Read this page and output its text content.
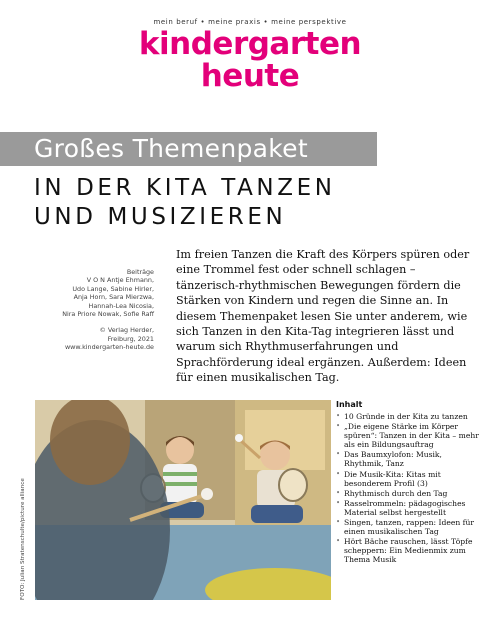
mein beruf • meine praxis • meine perspektive
kindergarten
heute
Großes Themenpaket
IN DER KITA TANZEN
UND MUSIZIEREN
Beiträge
V O N Antje Ehmann,
Udo Lange, Sabine Hirler,
Anja Horn, Sara Mierzwa,
Hannah-Lea Nicosia,
Nira Priore Nowak, Sofie Raff
© Verlag Herder,
Freiburg, 2021
www.kindergarten-heute.de

Im freien Tanzen die Kraft des Körpers spüren oder eine Trommel fest oder schnell schlagen – tänzerisch-rhythmischen Bewegungen fördern die Stärken von Kindern und regen die Sinne an. In diesem Themenpaket lesen Sie unter anderem, wie sich Tanzen in den Kita-Tag integrieren lässt und warum sich Rhythmuserfahrungen und Sprachförderung ideal ergänzen. Außerdem: Ideen für einen musikalischen Tag.

FOTO: Julian Stratenschulte/picture alliance
Inhalt
• 10 Gründe in der Kita zu tanzen
• „Die eigene Stärke im Körper spüren“: Tanzen in der Kita – mehr als ein Bildungsauftrag
• Das Baumxylofon: Musik, Rhythmik, Tanz
• Die Musik-Kita: Kitas mit besonderem Profil (3)
• Rhythmisch durch den Tag
• Rasselrommeln: pädagogisches Material selbst hergestellt
• Singen, tanzen, rappen: Ideen für einen musikalischen Tag
• Hört Bäche rauschen, lässt Töpfe scheppern: Ein Medienmix zum Thema Musik
